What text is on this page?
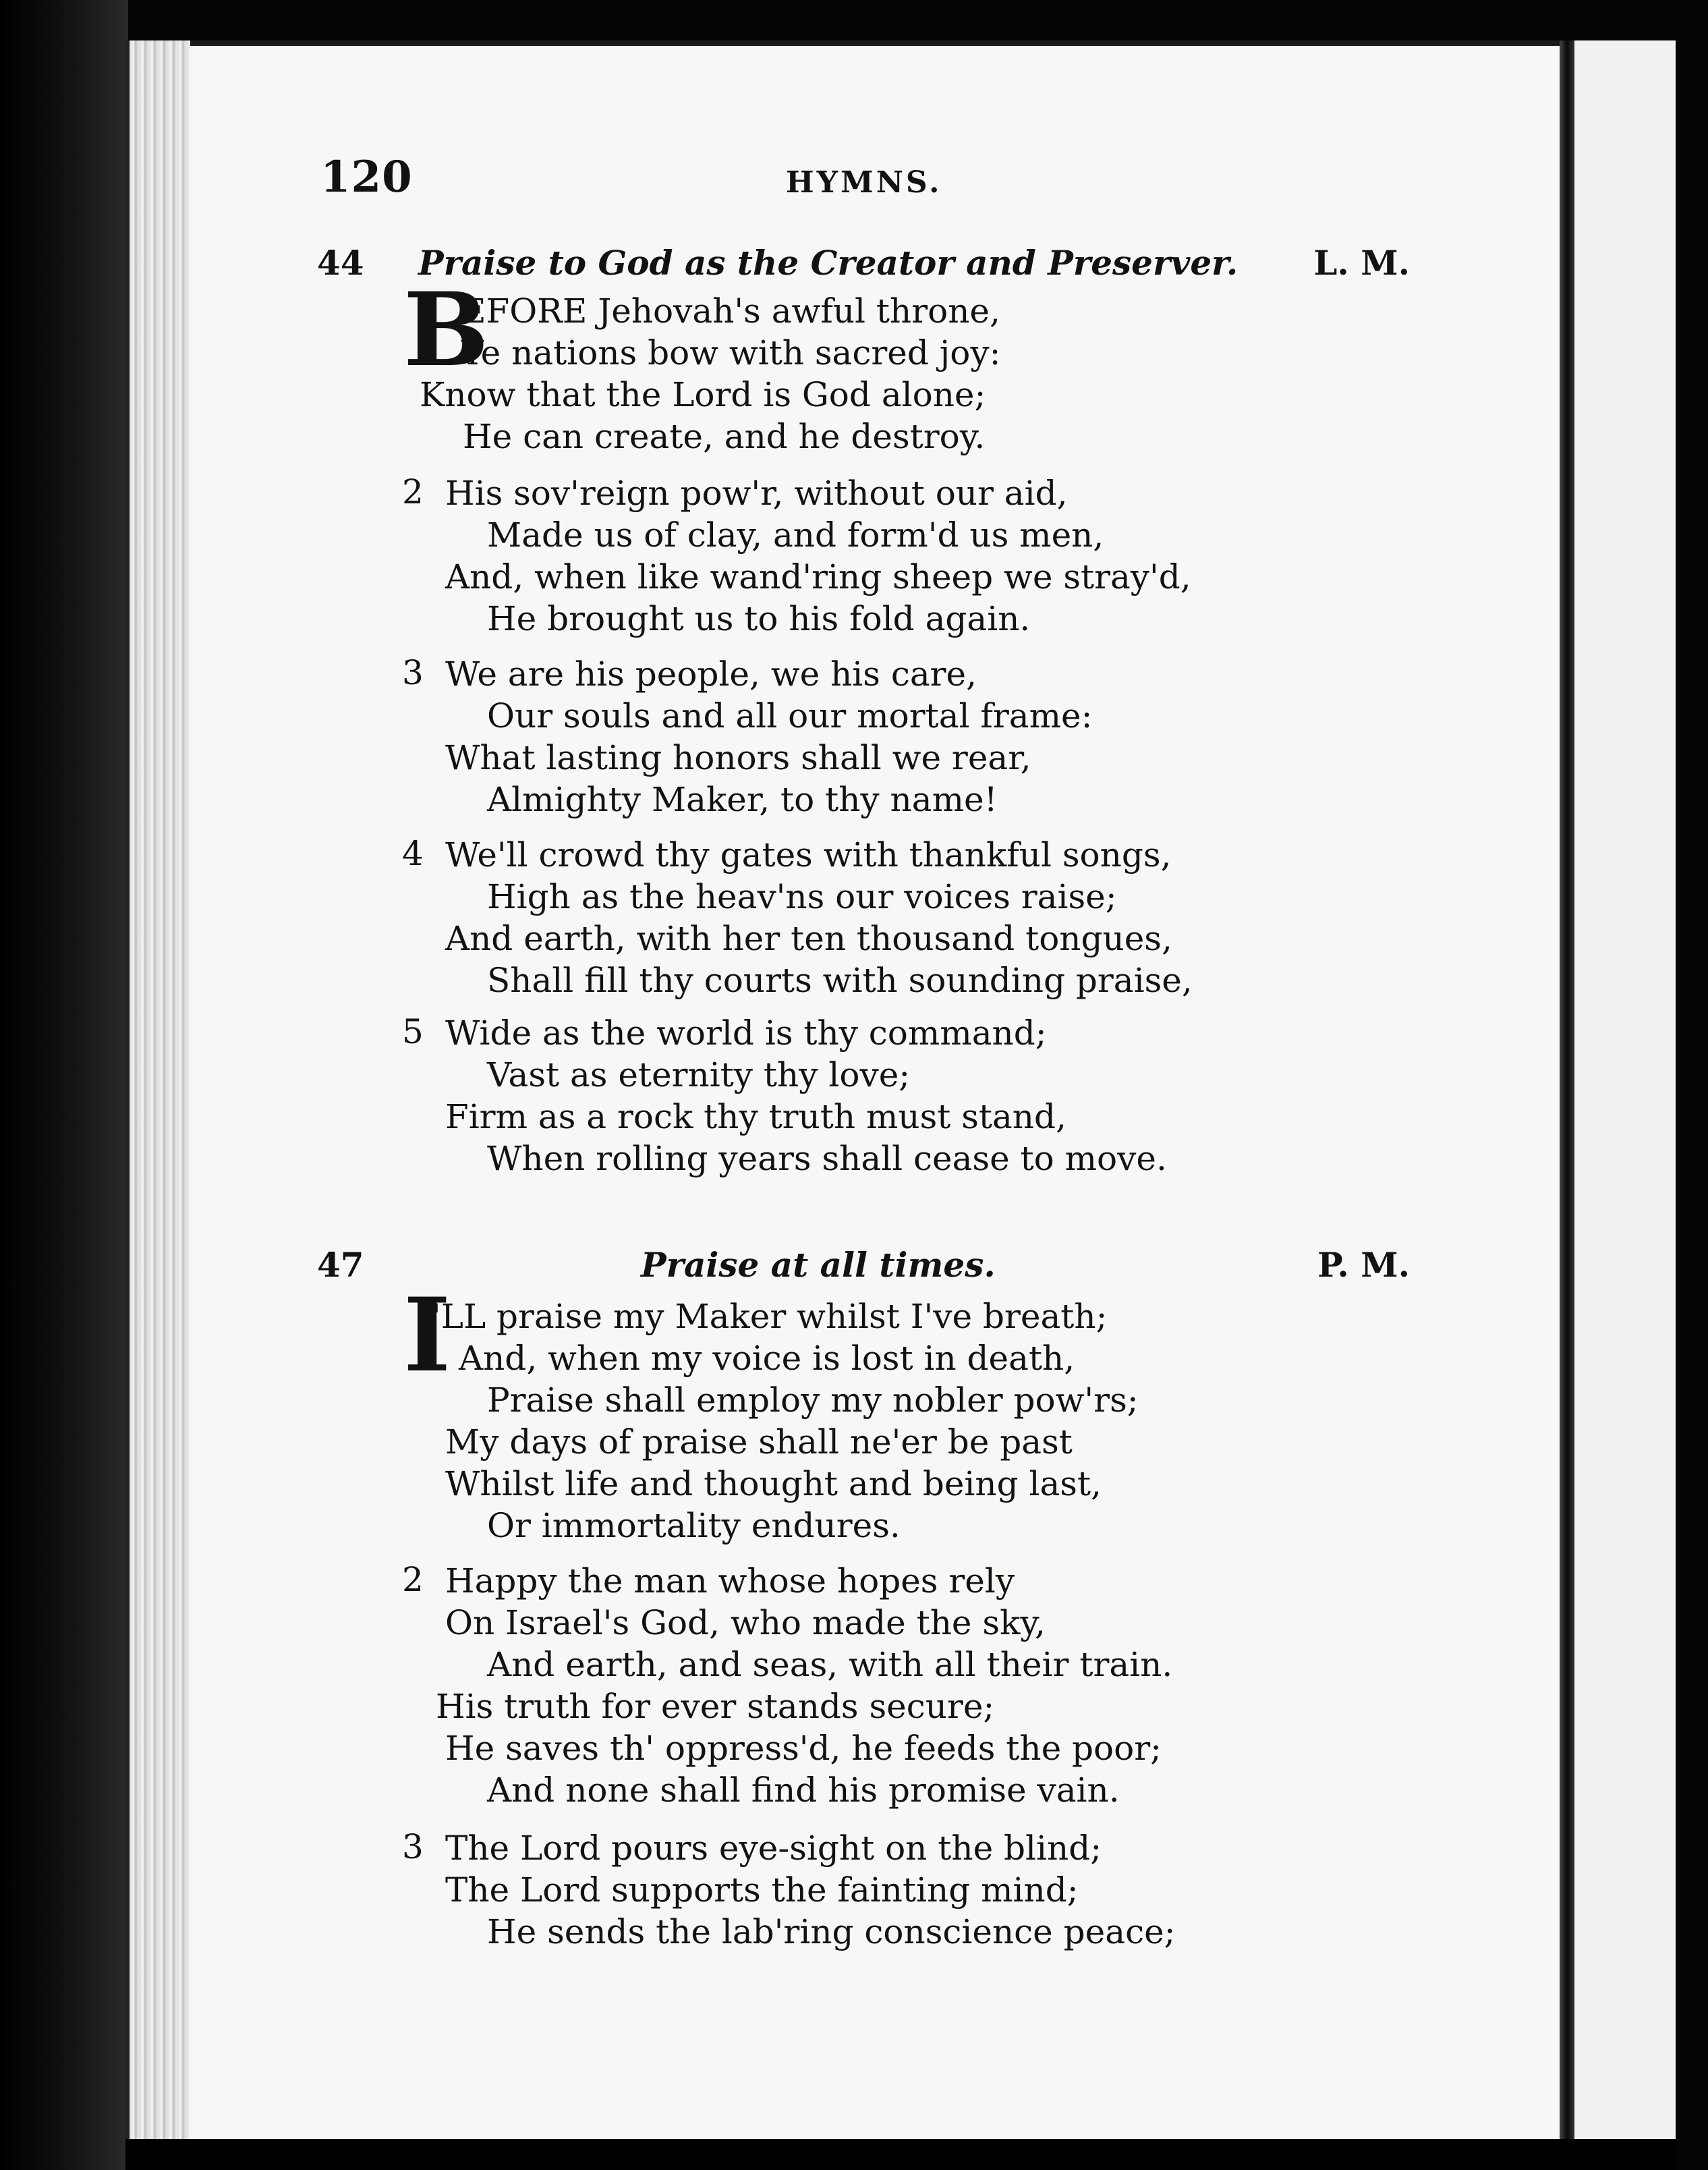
120	HYMNS.
44 Praise to God as the Creator and Preserver. L. M.
B
EFORE Jehovah's awful throne,
Ye nations bow with sacred joy:
Know that the Lord is God alone;
He can create, and he destroy.
2 His sov'reign pow'r, without our aid,
Made us of clay, and form'd us men,
And, when like wand'ring sheep we stray'd,
He brought us to his fold again.
3 We are his people, we his care,
Our souls and all our mortal frame:
What lasting honors shall we rear,
Almighty Maker, to thy name!
4 We'll crowd thy gates with thankful songs,
High as the heav'ns our voices raise;
And earth, with her ten thousand tongues,
Shall fill thy courts with sounding praise,
5 Wide as the world is thy command;
Vast as eternity thy love;
Firm as a rock thy truth must stand,
When rolling years shall cease to move.
47	Praise at all times.	P. M.
I
'LL praise my Maker whilst I've breath;
And, when my voice is lost in death,
Praise shall employ my nobler pow'rs;
My days of praise shall ne'er be past
Whilst life and thought and being last,
Or immortality endures.
2 Happy the man whose hopes rely
On Israel's God, who made the sky,
And earth, and seas, with all their train.
His truth for ever stands secure;
He saves th' oppress'd, he feeds the poor;
And none shall find his promise vain.
3 The Lord pours eye-sight on the blind;
The Lord supports the fainting mind;
He sends the lab'ring conscience peace;
